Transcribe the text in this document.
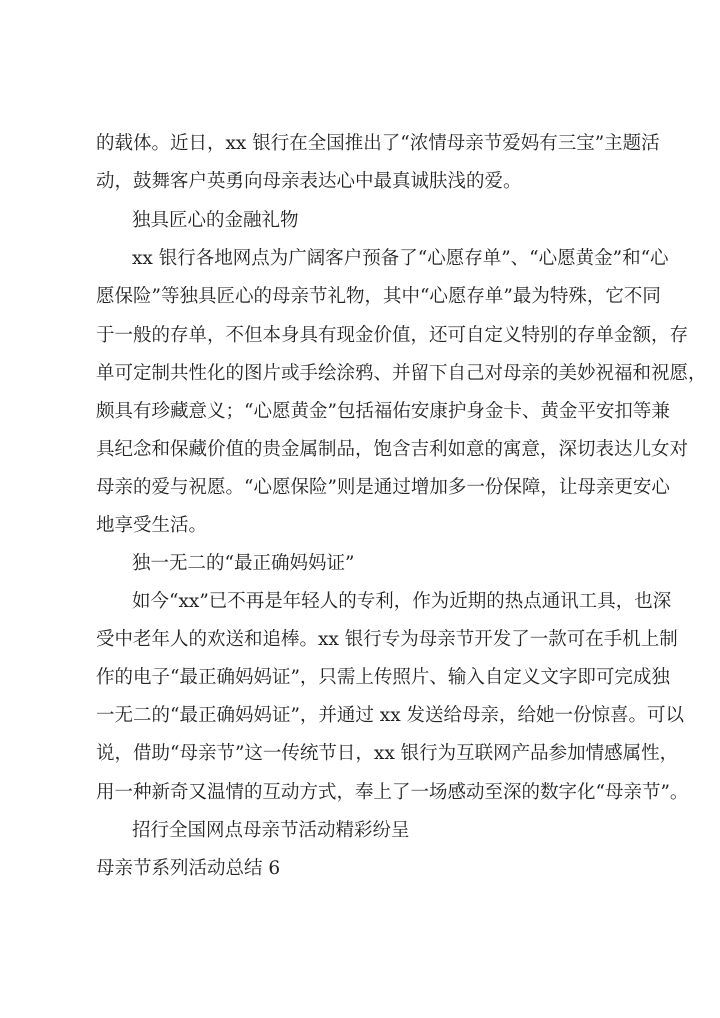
的载体。近日，xx 银行在全国推出了“浓情母亲节爱妈有三宝”主题活
动，鼓舞客户英勇向母亲表达心中最真诚肤浅的爱。
独具匠心的金融礼物
xx 银行各地网点为广阔客户预备了“心愿存单”、“心愿黄金”和“心
愿保险”等独具匠心的母亲节礼物，其中“心愿存单”最为特殊，它不同
于一般的存单，不但本身具有现金价值，还可自定义特别的存单金额，存
单可定制共性化的图片或手绘涂鸦、并留下自己对母亲的美妙祝福和祝愿，
颇具有珍藏意义；“心愿黄金”包括福佑安康护身金卡、黄金平安扣等兼
具纪念和保藏价值的贵金属制品，饱含吉利如意的寓意，深切表达儿女对
母亲的爱与祝愿。“心愿保险”则是通过增加多一份保障，让母亲更安心
地享受生活。
独一无二的“最正确妈妈证”
如今“xx”已不再是年轻人的专利，作为近期的热点通讯工具，也深
受中老年人的欢送和追棒。xx 银行专为母亲节开发了一款可在手机上制
作的电子“最正确妈妈证”，只需上传照片、输入自定义文字即可完成独
一无二的“最正确妈妈证”，并通过 xx 发送给母亲，给她一份惊喜。可以
说，借助“母亲节”这一传统节日，xx 银行为互联网产品参加情感属性，
用一种新奇又温情的互动方式，奉上了一场感动至深的数字化“母亲节”。
招行全国网点母亲节活动精彩纷呈
母亲节系列活动总结 6
